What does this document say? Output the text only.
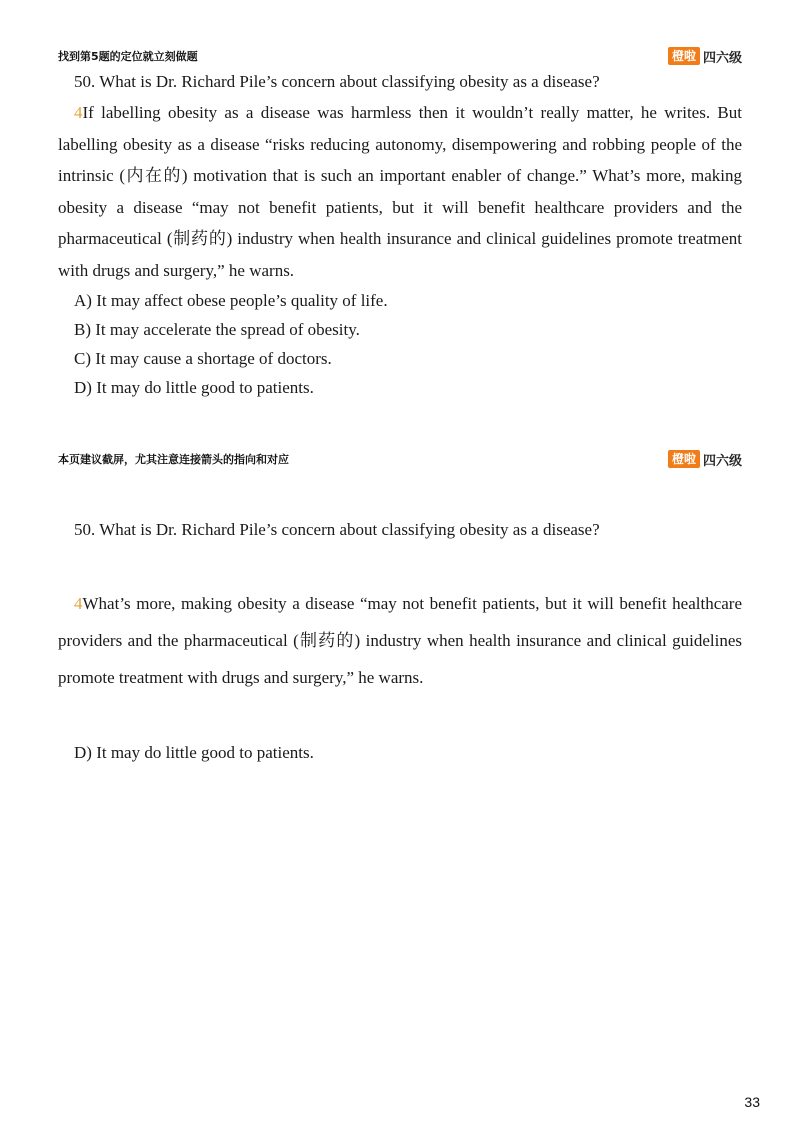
找到第5题的定位就立刻做题	橙啦 四六级
50. What is Dr. Richard Pile’s concern about classifying obesity as a disease?

4If labelling obesity as a disease was harmless then it wouldn’t really matter, he writes. But labelling obesity as a disease “risks reducing autonomy, disempowering and robbing people of the intrinsic (内在的) motivation that is such an important enabler of change.” What’s more, making obesity a disease “may not benefit patients, but it will benefit healthcare providers and the pharmaceutical (制药的) industry when health insurance and clinical guidelines promote treatment with drugs and surgery,” he warns.

A) It may affect obese people’s quality of life.
B) It may accelerate the spread of obesity.
C) It may cause a shortage of doctors.
D) It may do little good to patients.
本页建议截屏，尤其注意连接箭头的指向和对应	橙啦 四六级
50. What is Dr. Richard Pile’s concern about classifying obesity as a disease?

4What’s more, making obesity a disease “may not benefit patients, but it will benefit healthcare providers and the pharmaceutical (制药的) industry when health insurance and clinical guidelines promote treatment with drugs and surgery,” he warns.

D) It may do little good to patients.
33
